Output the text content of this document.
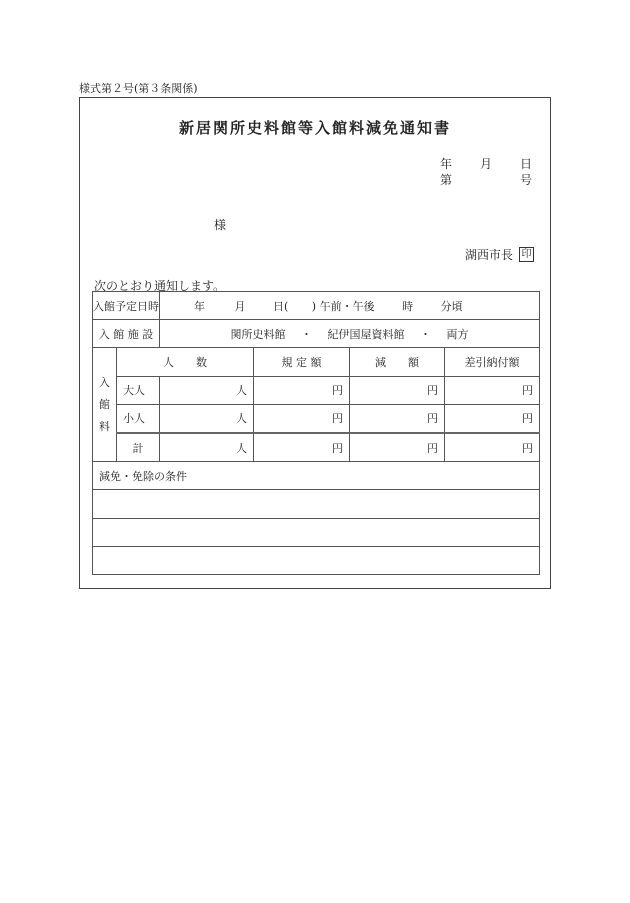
様式第２号(第３条関係)
新居関所史料館等入館料減免通知書
年 月 日
第	号
様
湖西市長 印
次のとおり通知します。
入館予定日時		年 月 日( ) 午前・午後 時 分頃			
入 館 施 設		関所史料館 ・ 紀伊国屋資料館 ・ 両方			

入
館
料	人　　数		規 定 額	減　　額	差引納付額
	大人	人	円	円	円
	小人	人	円	円	円
	計	人	円	円	円
減免・免除の条件					
